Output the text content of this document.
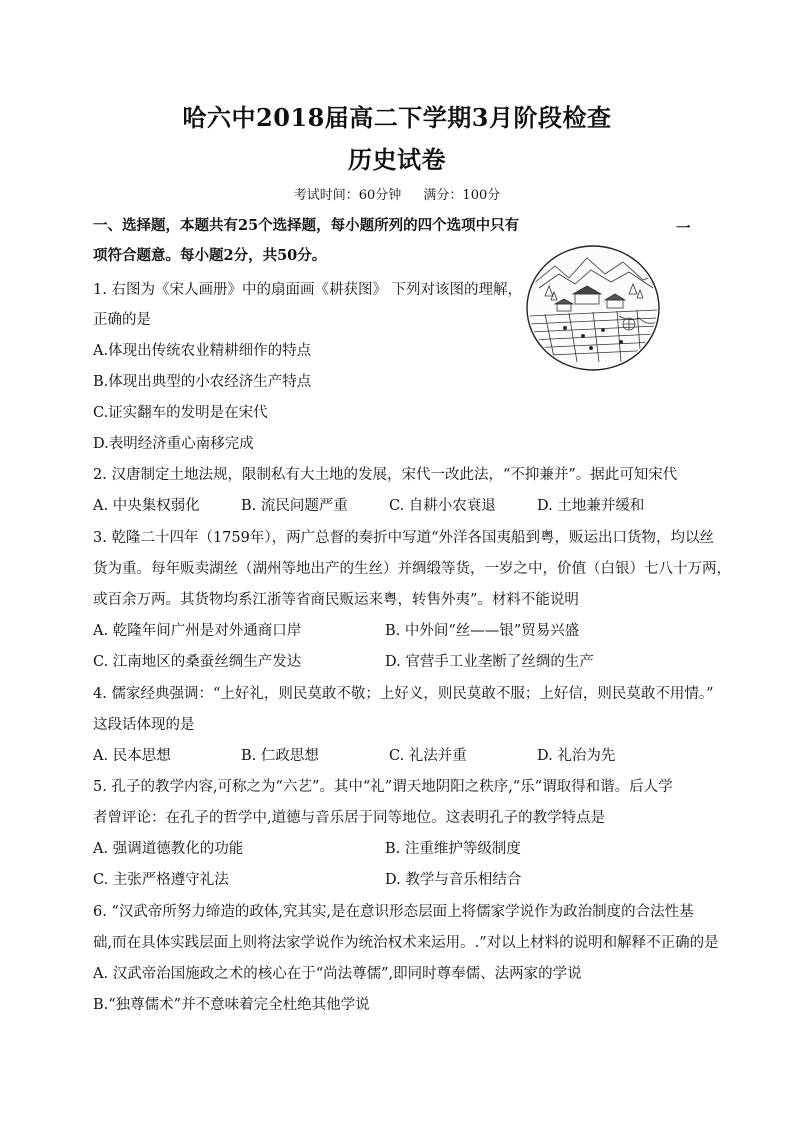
哈六中2018届高二下学期3月阶段检查
历史试卷
考试时间：60分钟 满分：100分
一、选择题，本题共有25个选择题，每小题所列的四个选项中只有	一
项符合题意。每小题2分，共50分。
1. 右图为《宋人画册》中的扇面画《耕获图》 下列对该图的理解，
正确的是
A.体现出传统农业精耕细作的特点
B.体现出典型的小农经济生产特点
C.证实翻车的发明是在宋代
D.表明经济重心南移完成
2. 汉唐制定土地法规，限制私有大土地的发展，宋代一改此法，“不抑兼并”。据此可知宋代
A. 中央集权弱化	B. 流民问题严重	C. 自耕小农衰退	D. 土地兼并缓和
3. 乾隆二十四年（1759年），两广总督的奏折中写道“外洋各国夷船到粤，贩运出口货物，均以丝
货为重。每年贩卖湖丝（湖州等地出产的生丝）并绸缎等货，一岁之中，价值（白银）七八十万两，
或百余万两。其货物均系江浙等省商民贩运来粤，转售外夷”。材料不能说明
A. 乾隆年间广州是对外通商口岸	B. 中外间“丝——银”贸易兴盛
C. 江南地区的桑蚕丝绸生产发达	D. 官营手工业垄断了丝绸的生产
4. 儒家经典强调：“上好礼，则民莫敢不敬；上好义，则民莫敢不服；上好信，则民莫敢不用情。”
这段话体现的是
A. 民本思想	B. 仁政思想	C. 礼法并重	D. 礼治为先
5. 孔子的教学内容,可称之为“六艺”。其中“礼”谓天地阴阳之秩序,“乐”谓取得和谐。后人学
者曾评论：在孔子的哲学中,道德与音乐居于同等地位。这表明孔子的教学特点是
A. 强调道德教化的功能	B. 注重维护等级制度
C. 主张严格遵守礼法	D. 教学与音乐相结合
6. “汉武帝所努力缔造的政体,究其实,是在意识形态层面上将儒家学说作为政治制度的合法性基
础,而在具体实践层面上则将法家学说作为统治权术来运用。.”对以上材料的说明和解释不正确的是
A. 汉武帝治国施政之术的核心在于“尚法尊儒”,即同时尊奉儒、法两家的学说
B.“独尊儒术”并不意味着完全杜绝其他学说
